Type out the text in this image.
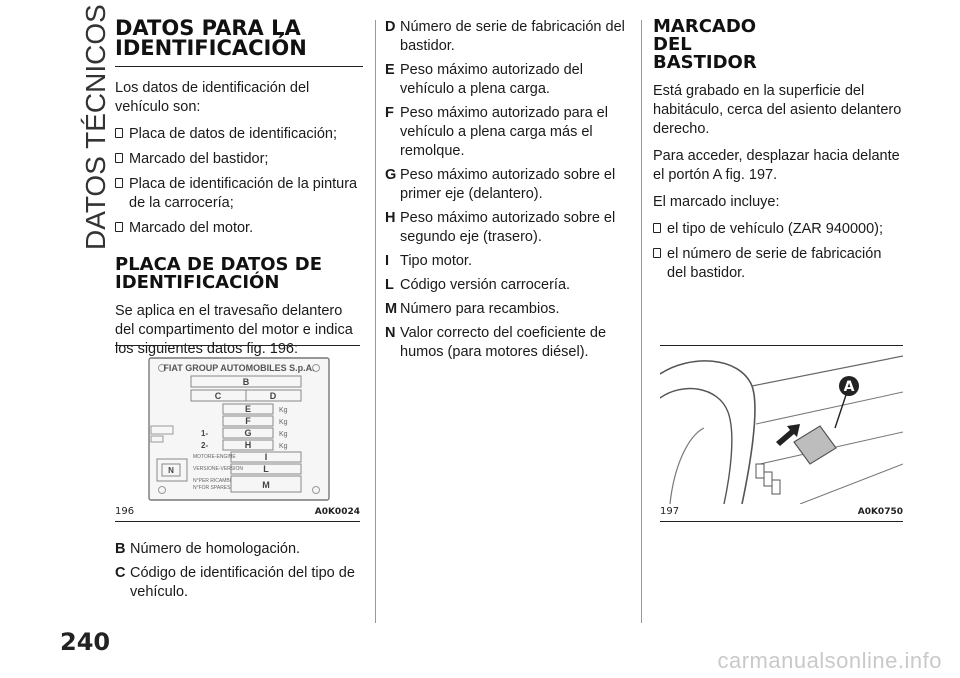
DATOS TÉCNICOS
240
DATOS PARA LA IDENTIFICACIÓN

Los datos de identificación del vehículo son:

Placa de datos de identificación;
Marcado del bastidor;
Placa de identificación de la pintura de la carrocería;
Marcado del motor.
PLACA DE DATOS DE IDENTIFICACIÓN

Se aplica en el travesaño delantero del compartimento del motor e indica los siguientes datos fig. 196:

FIAT GROUP AUTOMOBILES S.p.A.
B
C	D
E	Kg
F	Kg
1-	G	Kg
2-	H	Kg
N
MOTORE-ENGINE	I
VERSIONE-VERSION L
N°PER RICAMBI
N°FOR SPARES	M
196	A0K0024
B Número de homologación.
C Código de identificación del tipo de vehículo.
D Número de serie de fabricación del bastidor.
E Peso máximo autorizado del vehículo a plena carga.
F Peso máximo autorizado para el vehículo a plena carga más el remolque.
G Peso máximo autorizado sobre el primer eje (delantero).
H Peso máximo autorizado sobre el segundo eje (trasero).
I Tipo motor.
L Código versión carrocería.
M Número para recambios.
N Valor correcto del coeficiente de humos (para motores diésel).
MARCADO DEL BASTIDOR

Está grabado en la superficie del habitáculo, cerca del asiento delantero derecho.

Para acceder, desplazar hacia delante el portón A fig. 197.

El marcado incluye:

el tipo de vehículo (ZAR 940000);
el número de serie de fabricación del bastidor.
A
197	A0K0750
carmanualsonline.info
